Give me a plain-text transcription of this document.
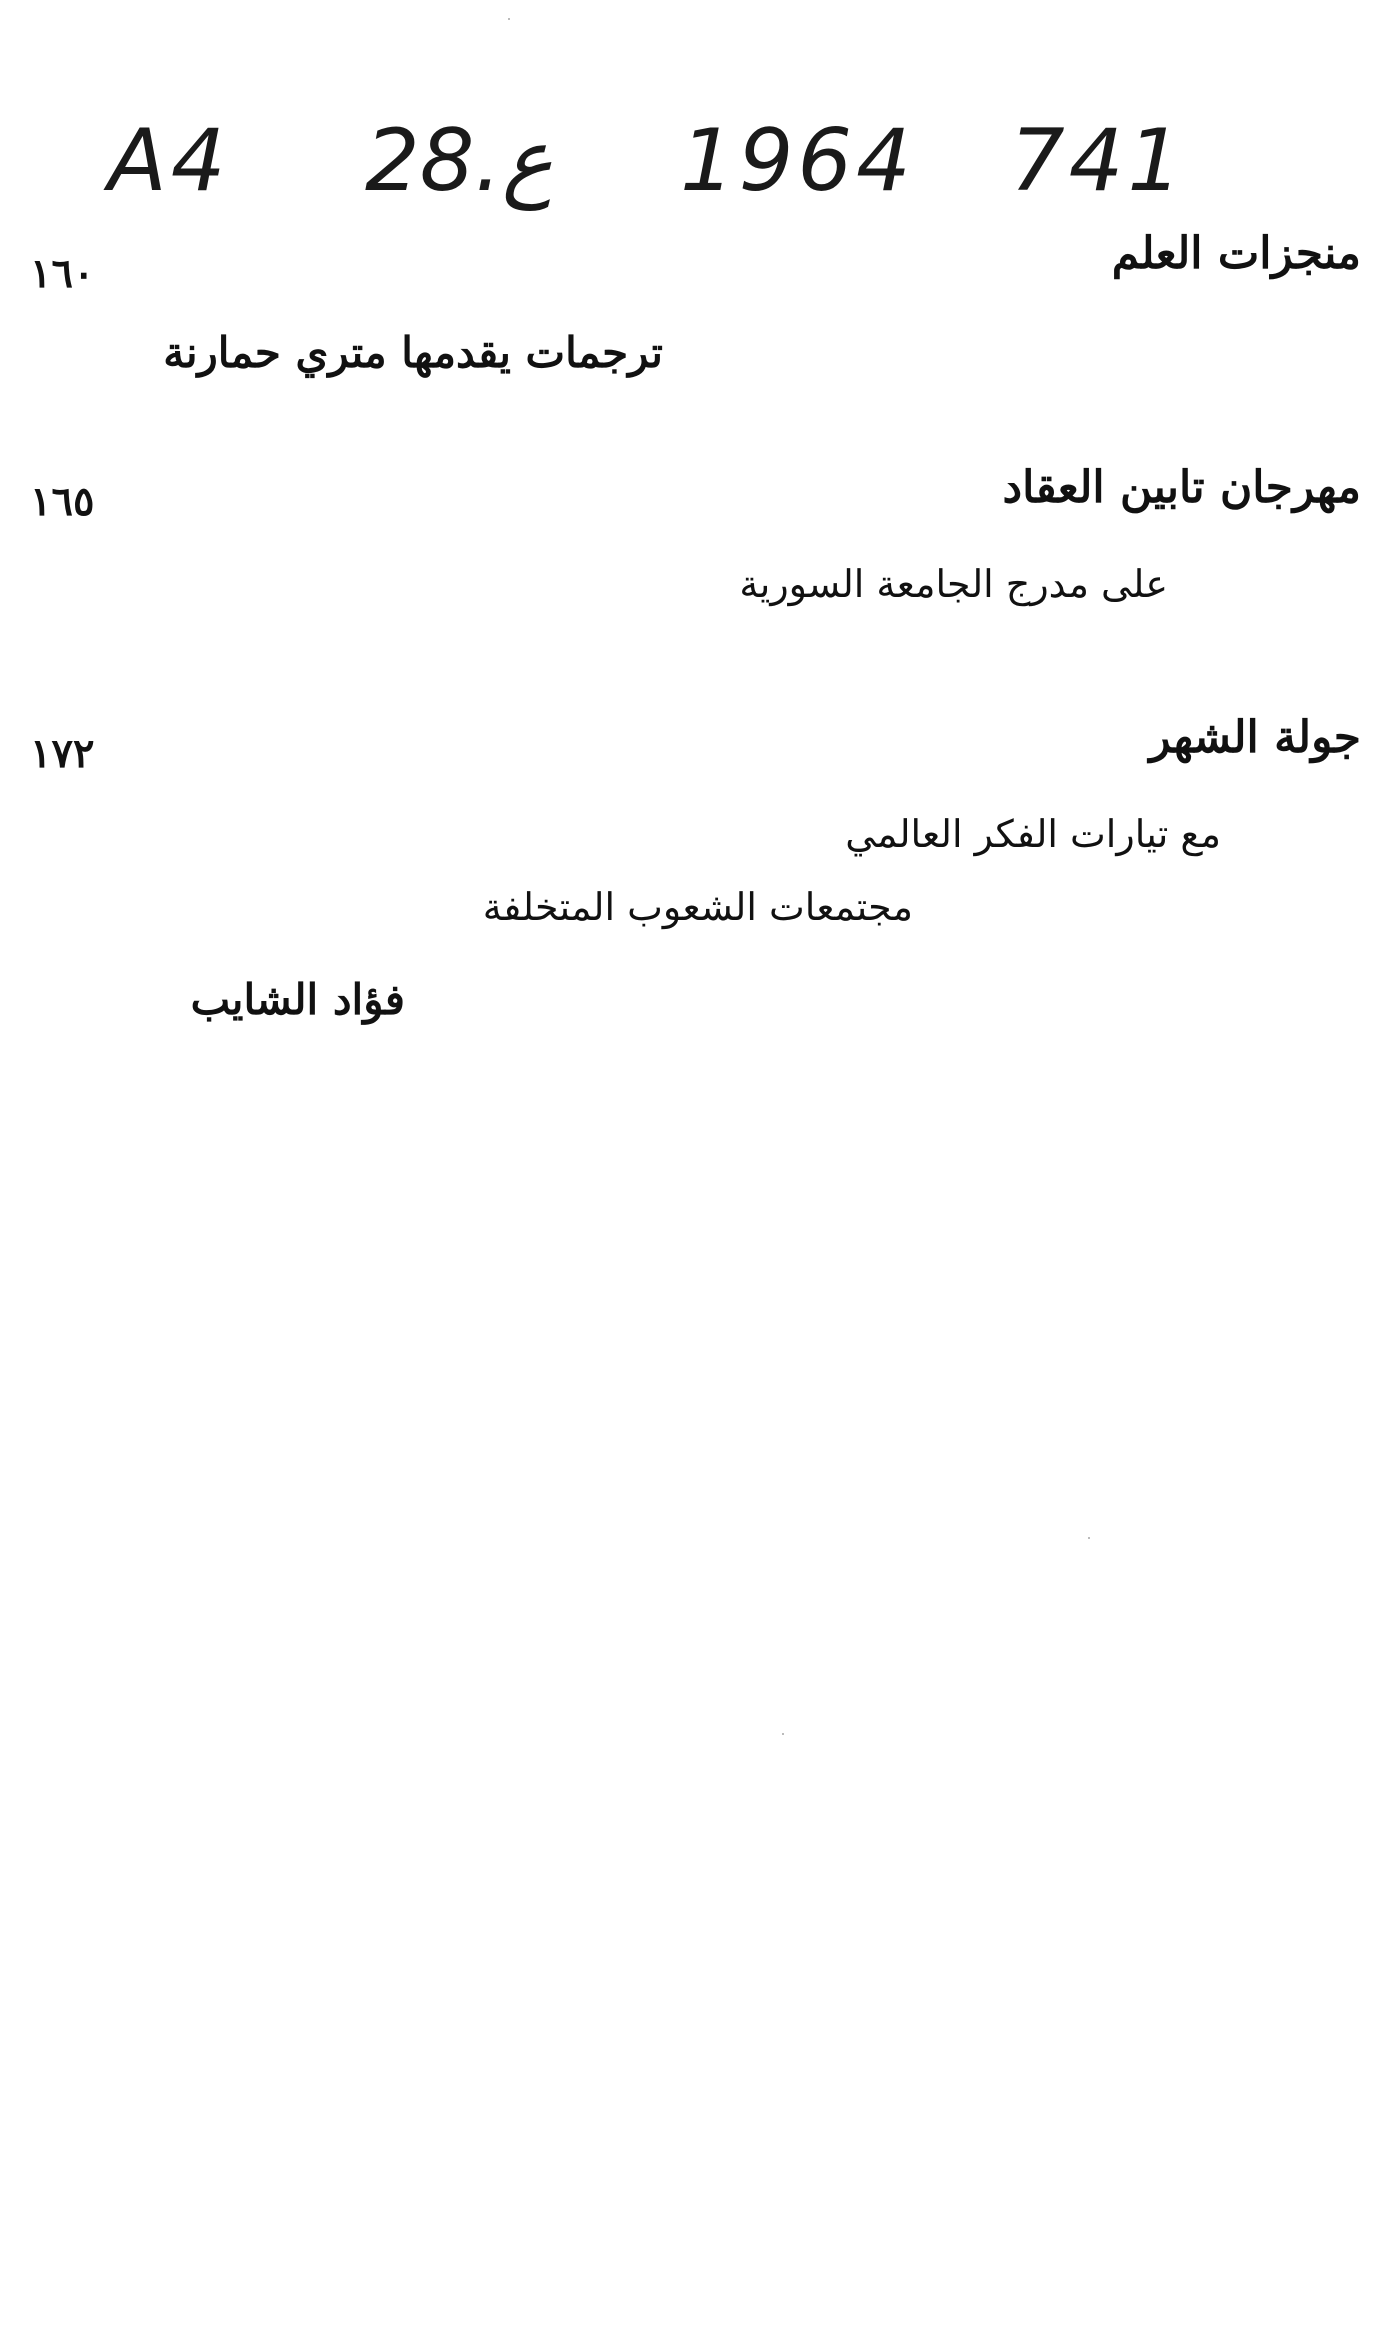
A4 28.ع 1964 741
منجزات العلم
١٦٠
ترجمات يقدمها متري حمارنة
مهرجان تابين العقاد
١٦٥
على مدرج الجامعة السورية
جولة الشهر
١٧٢
مع تيارات الفكر العالمي
مجتمعات الشعوب المتخلفة
فؤاد الشايب
